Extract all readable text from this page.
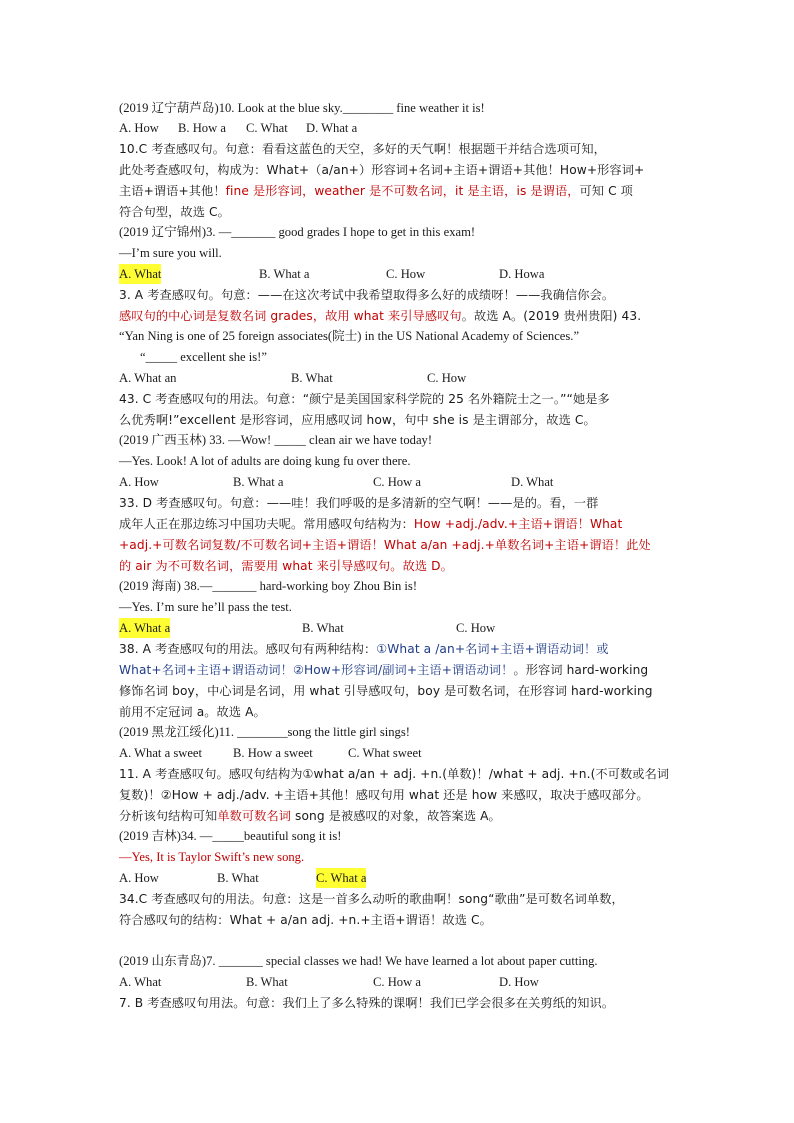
(2019 辽宁葫芦岛)10. Look at the blue sky.________ fine weather it is!
A. How B. How a C. What D. What a
10.C 考查感叹句。句意：看看这蓝色的天空，多好的天气啊！根据题干并结合选项可知，
此处考查感叹句，构成为：What+（a/an+）形容词+名词+主语+谓语+其他！How+形容词+
主语+谓语+其他！fine 是形容词，weather 是不可数名词，it 是主语，is 是谓语，可知 C 项
符合句型，故选 C。
(2019 辽宁锦州)3. —_______ good grades I hope to get in this exam!
—I’m sure you will.
A. What	B. What a	C. How	D. Howa
3. A 考查感叹句。句意：——在这次考试中我希望取得多么好的成绩呀！——我确信你会。
感叹句的中心词是复数名词 grades，故用 what 来引导感叹句。故选 A。(2019 贵州贵阳) 43.
“Yan Ning is one of 25 foreign associates(院士) in the US National Academy of Sciences.”
“_____ excellent she is!”
A. What an	B. What	C. How
43. C 考查感叹句的用法。句意：“颜宁是美国国家科学院的 25 名外籍院士之一。”“她是多
么优秀啊!”excellent 是形容词，应用感叹词 how，句中 she is 是主谓部分，故选 C。
(2019 广西玉林) 33. —Wow! _____ clean air we have today!
—Yes. Look! A lot of adults are doing kung fu over there.
A. How	B. What a	C. How a	D. What
33. D 考查感叹句。句意：——哇！我们呼吸的是多清新的空气啊！——是的。看，一群
成年人正在那边练习中国功夫呢。常用感叹句结构为：How +adj./adv.+主语+谓语！What
+adj.+可数名词复数/不可数名词+主语+谓语！What a/an +adj.+单数名词+主语+谓语！此处
的 air 为不可数名词，需要用 what 来引导感叹句。故选 D。
(2019 海南) 38.—_______ hard-working boy Zhou Bin is!
—Yes. I’m sure he’ll pass the test.
A. What a	B. What	C. How
38. A 考查感叹句的用法。感叹句有两种结构：①What a /an+名词+主语+谓语动词！或
What+名词+主语+谓语动词！②How+形容词/副词+主语+谓语动词！。形容词 hard-working
修饰名词 boy，中心词是名词，用 what 引导感叹句，boy 是可数名词，在形容词 hard-working
前用不定冠词 a。故选 A。
(2019 黑龙江绥化)11. ________song the little girl sings!
A. What a sweet B. How a sweet	C. What sweet
11. A 考查感叹句。感叹句结构为①what a/an + adj. +n.(单数)！/what + adj. +n.(不可数或名词
复数)！②How + adj./adv. +主语+其他！感叹句用 what 还是 how 来感叹，取决于感叹部分。
分析该句结构可知单数可数名词 song 是被感叹的对象，故答案选 A。
(2019 吉林)34. —_____beautiful song it is!
—Yes, It is Taylor Swift’s new song.
A. How	B. What	C. What a
34.C 考查感叹句的用法。句意：这是一首多么动听的歌曲啊！song“歌曲”是可数名词单数，
符合感叹句的结构：What + a/an adj. +n.+主语+谓语！故选 C。
(2019 山东青岛)7. _______ special classes we had! We have learned a lot about paper cutting.
A. What	B. What	C. How a	D. How
7. B 考查感叹句用法。句意：我们上了多么特殊的课啊！我们已学会很多在关剪纸的知识。
